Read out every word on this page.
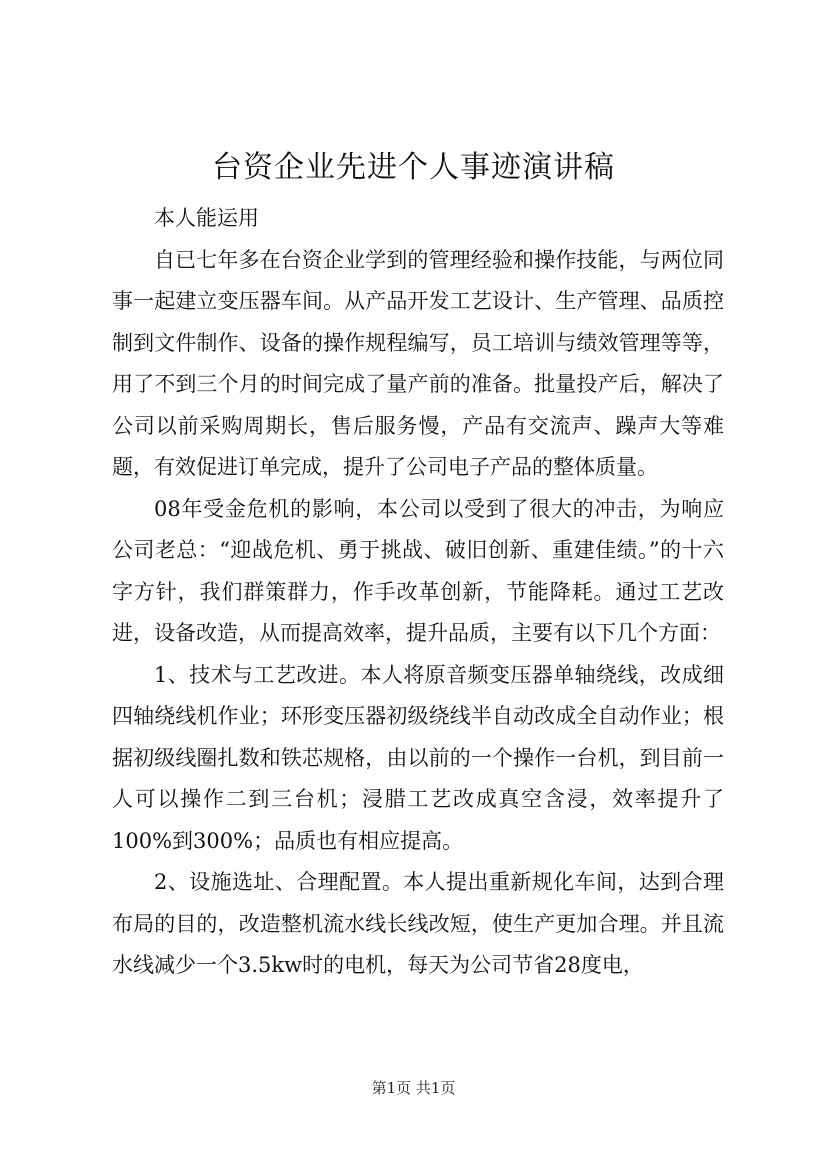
台资企业先进个人事迹演讲稿

本人能运用

自已七年多在台资企业学到的管理经验和操作技能，与两位同事一起建立变压器车间。从产品开发工艺设计、生产管理、品质控制到文件制作、设备的操作规程编写，员工培训与绩效管理等等，用了不到三个月的时间完成了量产前的准备。批量投产后，解决了公司以前采购周期长，售后服务慢，产品有交流声、躁声大等难题，有效促进订单完成，提升了公司电子产品的整体质量。

08年受金危机的影响，本公司以受到了很大的冲击，为响应公司老总：“迎战危机、勇于挑战、破旧创新、重建佳绩。”的十六字方针，我们群策群力，作手改革创新，节能降耗。通过工艺改进，设备改造，从而提高效率，提升品质，主要有以下几个方面：

1、技术与工艺改进。本人将原音频变压器单轴绕线，改成细四轴绕线机作业；环形变压器初级绕线半自动改成全自动作业；根据初级线圈扎数和铁芯规格，由以前的一个操作一台机，到目前一人可以操作二到三台机；浸腊工艺改成真空含浸，效率提升了100%到300%；品质也有相应提高。

2、设施选址、合理配置。本人提出重新规化车间，达到合理布局的目的，改造整机流水线长线改短，使生产更加合理。并且流水线减少一个3.5kw时的电机，每天为公司节省28度电，

第1页 共1页
